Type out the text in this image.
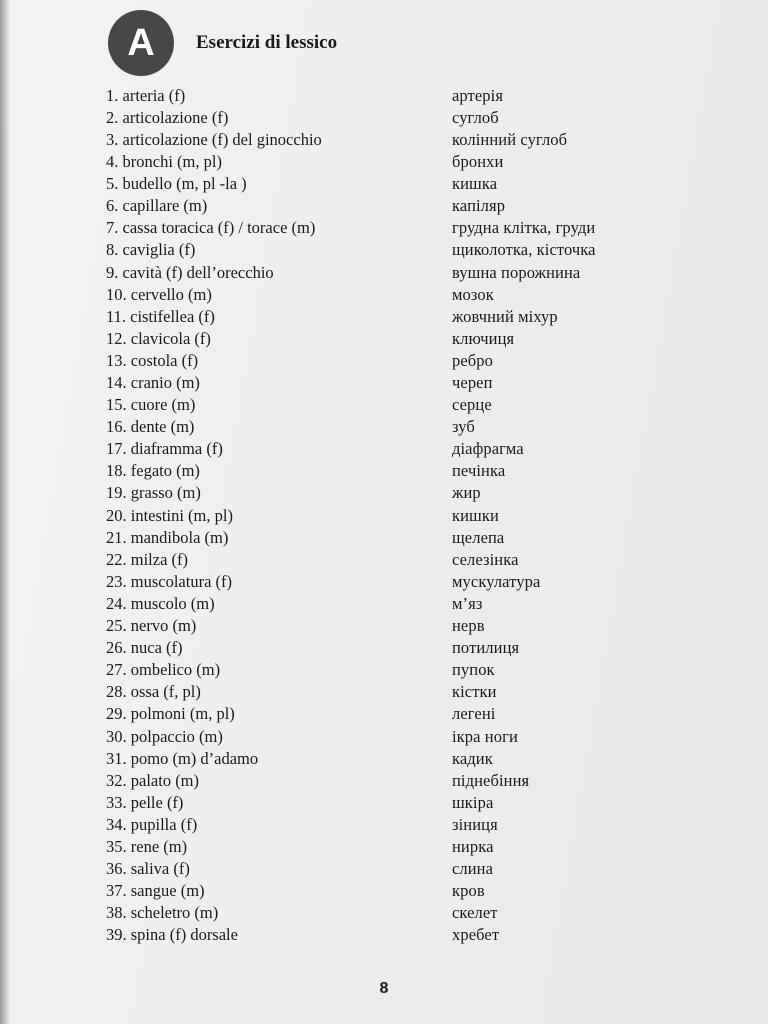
A Esercizi di lessico
1. arteria (f)	артерія
2. articolazione (f)	суглоб
3. articolazione (f) del ginocchio	колінний суглоб
4. bronchi (m, pl)	бронхи
5. budello (m, pl -la )	кишка
6. capillare (m)	капіляр
7. cassa toracica (f) / torace (m)	грудна клітка, груди
8. caviglia (f)	щиколотка, кісточка
9. cavità (f) dell’orecchio	вушна порожнина
10. cervello (m)	мозок
11. cistifellea (f)	жовчний міхур
12. clavicola (f)	ключиця
13. costola (f)	ребро
14. cranio (m)	череп
15. cuore (m)	серце
16. dente (m)	зуб
17. diaframma (f)	діафрагма
18. fegato (m)	печінка
19. grasso (m)	жир
20. intestini (m, pl)	кишки
21. mandibola (m)	щелепа
22. milza (f)	селезінка
23. muscolatura (f)	мускулатура
24. muscolo (m)	м’яз
25. nervo (m)	нерв
26. nuca (f)	потилиця
27. ombelico (m)	пупок
28. ossa (f, pl)	кістки
29. polmoni (m, pl)	легені
30. polpaccio (m)	ікра ноги
31. pomo (m) d’adamo	кадик
32. palato (m)	піднебіння
33. pelle (f)	шкіра
34. pupilla (f)	зіниця
35. rene (m)	нирка
36. saliva (f)	слина
37. sangue (m)	кров
38. scheletro (m)	скелет
39. spina (f) dorsale	хребет
8
